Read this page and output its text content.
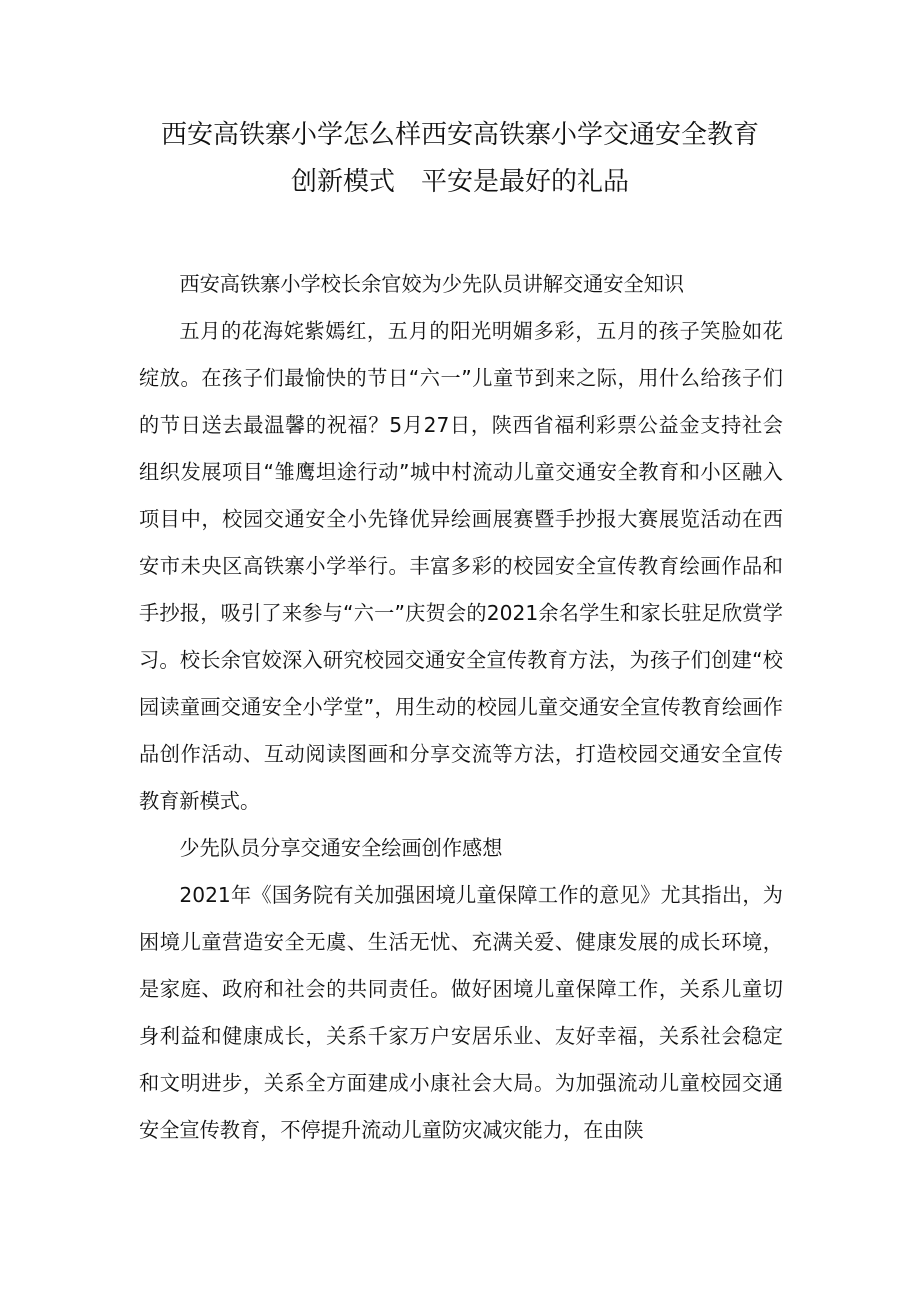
西安高铁寨小学怎么样西安高铁寨小学交通安全教育
创新模式　平安是最好的礼品

西安高铁寨小学校长余官姣为少先队员讲解交通安全知识

五月的花海姹紫嫣红，五月的阳光明媚多彩，五月的孩子笑脸如花绽放。在孩子们最愉快的节日“六一”儿童节到来之际，用什么给孩子们的节日送去最温馨的祝福？5月27日，陕西省福利彩票公益金支持社会组织发展项目“雏鹰坦途行动”城中村流动儿童交通安全教育和小区融入项目中，校园交通安全小先锋优异绘画展赛暨手抄报大赛展览活动在西安市未央区高铁寨小学举行。丰富多彩的校园安全宣传教育绘画作品和手抄报，吸引了来参与“六一”庆贺会的2021余名学生和家长驻足欣赏学习。校长余官姣深入研究校园交通安全宣传教育方法，为孩子们创建“校园读童画交通安全小学堂”，用生动的校园儿童交通安全宣传教育绘画作品创作活动、互动阅读图画和分享交流等方法，打造校园交通安全宣传教育新模式。

少先队员分享交通安全绘画创作感想

2021年《国务院有关加强困境儿童保障工作的意见》尤其指出，为困境儿童营造安全无虞、生活无忧、充满关爱、健康发展的成长环境，是家庭、政府和社会的共同责任。做好困境儿童保障工作，关系儿童切身利益和健康成长，关系千家万户安居乐业、友好幸福，关系社会稳定和文明进步，关系全方面建成小康社会大局。为加强流动儿童校园交通安全宣传教育，不停提升流动儿童防灾减灾能力，在由陕
